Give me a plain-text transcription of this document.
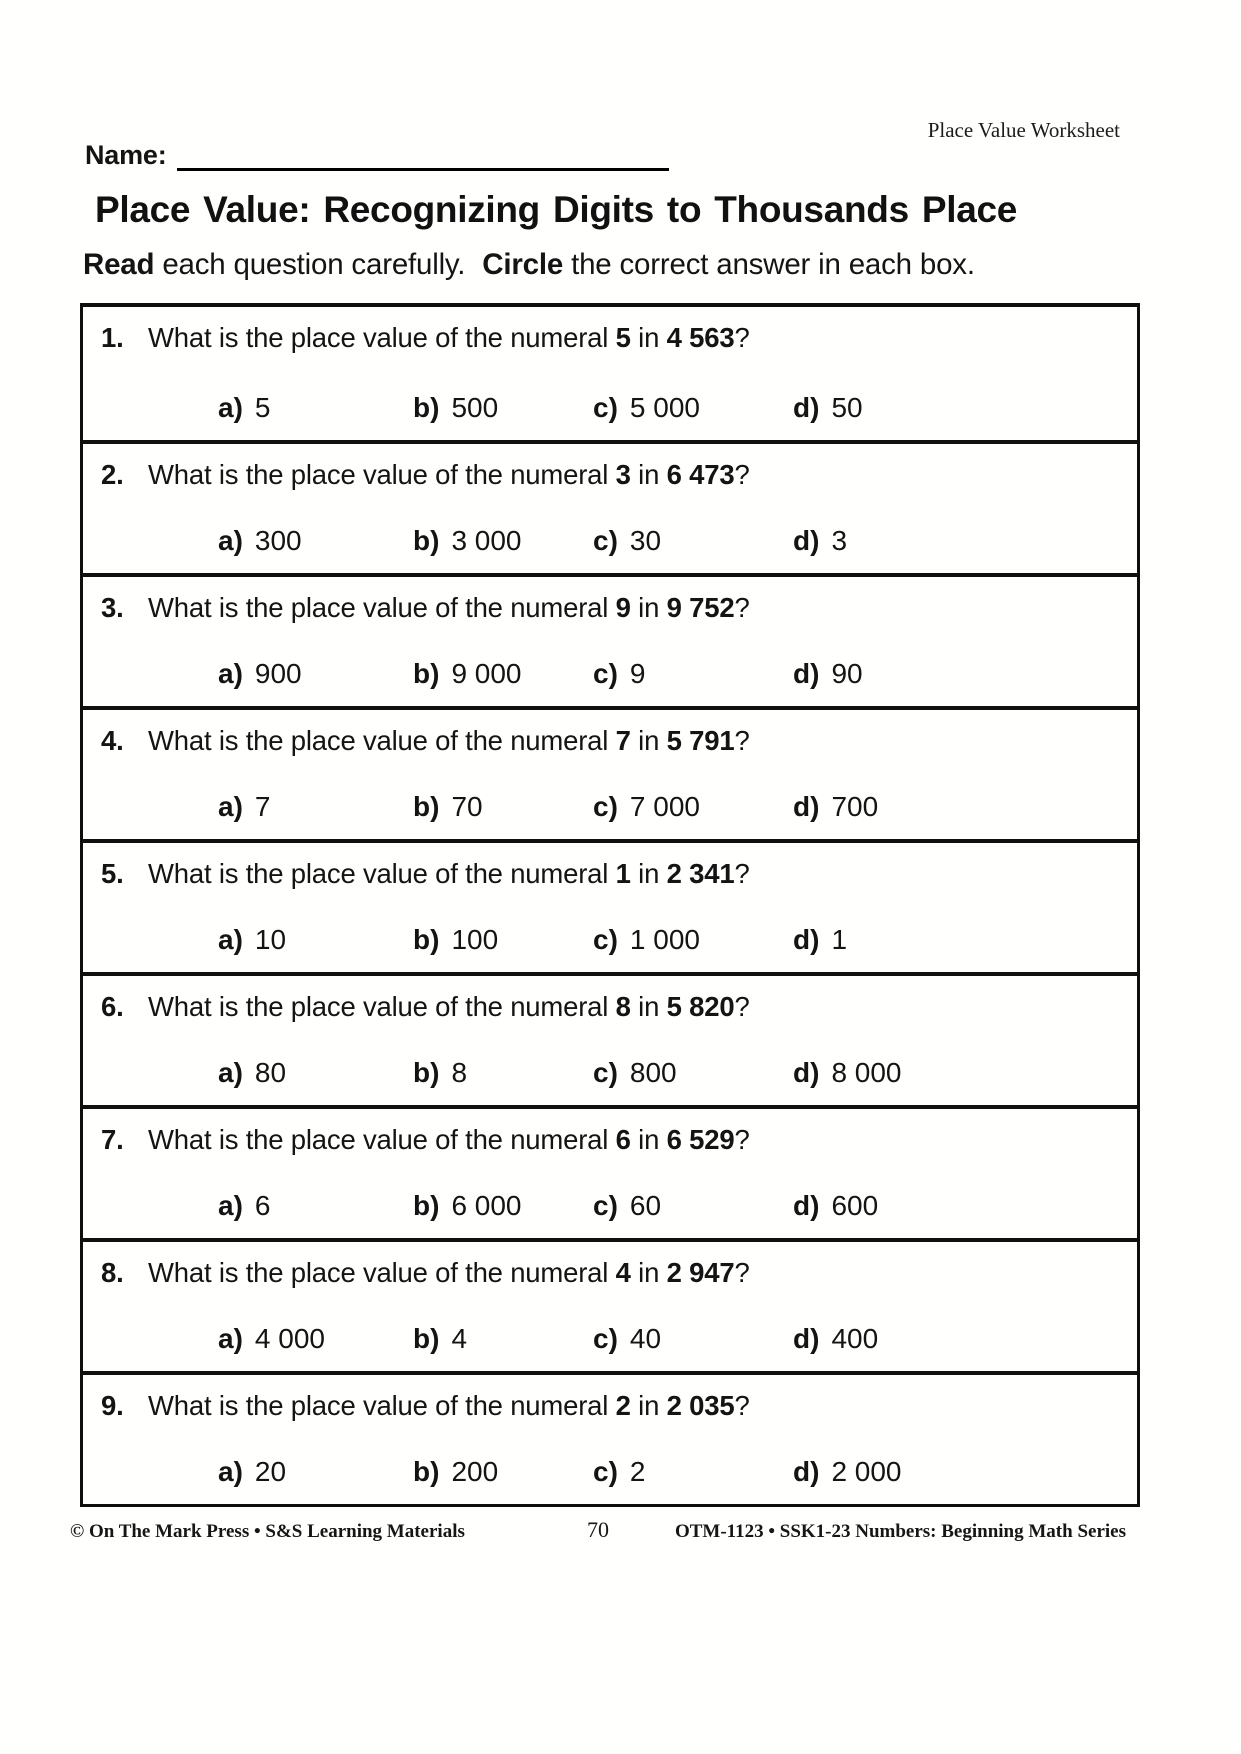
Place Value Worksheet
Name:
Place Value: Recognizing Digits to Thousands Place

Read each question carefully. Circle the correct answer in each box.

1. What is the place value of the numeral 5 in 4 563?
a) 5	b) 500	c) 5 000	d) 50
2. What is the place value of the numeral 3 in 6 473?
a) 300	b) 3 000	c) 30	d) 3
3. What is the place value of the numeral 9 in 9 752?
a) 900	b) 9 000	c) 9	d) 90
4. What is the place value of the numeral 7 in 5 791?
a) 7	b) 70	c) 7 000	d) 700
5. What is the place value of the numeral 1 in 2 341?
a) 10	b) 100	c) 1 000	d) 1
6. What is the place value of the numeral 8 in 5 820?
a) 80	b) 8	c) 800	d) 8 000
7. What is the place value of the numeral 6 in 6 529?
a) 6	b) 6 000	c) 60	d) 600
8. What is the place value of the numeral 4 in 2 947?
a) 4 000	b) 4	c) 40	d) 400
9. What is the place value of the numeral 2 in 2 035?
a) 20	b) 200	c) 2	d) 2 000
© On The Mark Press • S&S Learning Materials	70	OTM-1123 • SSK1-23 Numbers: Beginning Math Series
